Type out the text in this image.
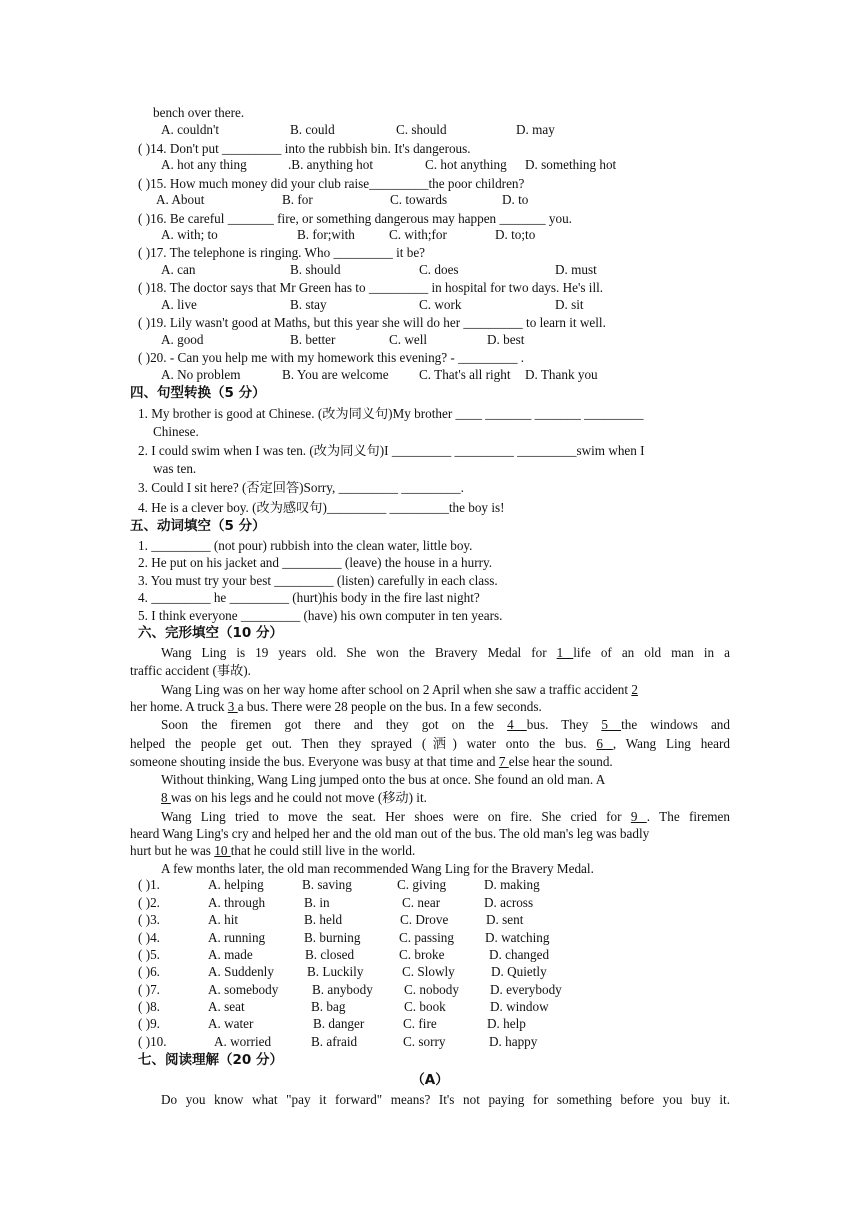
bench over there.
A. couldn't	B. could	C. should	D. may
( )14. Don't put _________ into the rubbish bin. It's dangerous.
A. hot any thing	.B. anything hot	C. hot anything D. something hot
( )15. How much money did your club raise_________the poor children?
A. About	B. for	C. towards	D. to
( )16. Be careful _______ fire, or something dangerous may happen _______ you.
A. with; to	B. for;with	C. with;for	D. to;to
( )17. The telephone is ringing. Who _________ it be?
A. can	B. should	C. does	D. must
( )18. The doctor says that Mr Green has to _________ in hospital for two days. He's ill.
A. live	B. stay	C. work	D. sit
( )19. Lily wasn't good at Maths, but this year she will do her _________ to learn it well.
A. good	B. better	C. well	D. best
( )20. - Can you help me with my homework this evening? - _________ .
A. No problem	B. You are welcome C. That's all right D. Thank you
四、句型转换（5 分）
1. My brother is good at Chinese. (改为同义句)My brother ____ _______ _______ _________
Chinese.
2. I could swim when I was ten. (改为同义句)I _________ _________ _________swim when I
was ten.
3. Could I sit here? (否定回答)Sorry, _________ _________.
4. He is a clever boy. (改为感叹句)_________ _________the boy is!
五、动词填空（5 分）
1. _________ (not pour) rubbish into the clean water, little boy.
2. He put on his jacket and _________ (leave) the house in a hurry.
3. You must try your best _________ (listen) carefully in each class.
4. _________ he _________ (hurt)his body in the fire last night?
5. I think everyone _________ (have) his own computer in ten years.
六、完形填空（10 分）
Wang Ling is 19 years old. She won the Bravery Medal for 1 life of an old man in a
traffic accident (事故).
Wang Ling was on her way home after school on 2 April when she saw a traffic accident 2
her home. A truck 3 a bus. There were 28 people on the bus. In a few seconds.
Soon the firemen got there and they got on the 4 bus. They 5 the windows and
helped the people get out. Then they sprayed (洒) water onto the bus. 6 , Wang Ling heard
someone shouting inside the bus. Everyone was busy at that time and 7 else hear the sound.
Without thinking, Wang Ling jumped onto the bus at once. She found an old man. A
8 was on his legs and he could not move (移动) it.
Wang Ling tried to move the seat. Her shoes were on fire. She cried for 9 . The firemen
heard Wang Ling's cry and helped her and the old man out of the bus. The old man's leg was badly
hurt but he was 10 that he could still live in the world.
A few months later, the old man recommended Wang Ling for the Bravery Medal.
( )1.	A. helping	B. saving	C. giving	D. making
( )2.	A. through	B. in	C. near	D. across
( )3.	A. hit	B. held	C. Drove	D. sent
( )4.	A. running	B. burning	C. passing D. watching
( )5.	A. made	B. closed	C. broke	D. changed
( )6.	A. Suddenly	B. Luckily	C. Slowly	D. Quietly
( )7.	A. somebody	B. anybody C. nobody D. everybody
( )8.	A. seat	B. bag	C. book	D. window
( )9.	A. water	B. danger	C. fire	D. help
( )10.	A. worried	B. afraid	C. sorry	D. happy
七、阅读理解（20 分）
（A）
Do you know what "pay it forward" means? It's not paying for something before you buy it.
